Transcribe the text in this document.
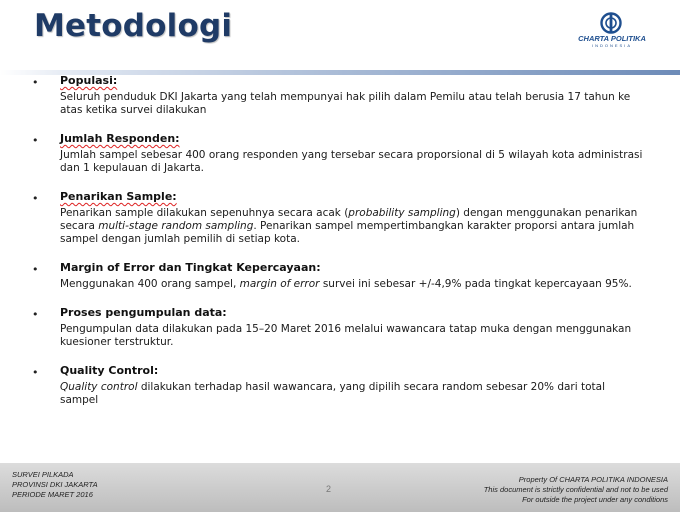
Metodologi	CHARTA POLITIKA
INDONESIA
• Populasi:
Seluruh penduduk DKI Jakarta yang telah mempunyai hak pilih dalam Pemilu atau telah berusia 17 tahun ke atas ketika survei dilakukan
• Jumlah Responden:
Jumlah sampel sebesar 400 orang responden yang tersebar secara proporsional di 5 wilayah kota administrasi dan 1 kepulauan di Jakarta.
• Penarikan Sample:
Penarikan sample dilakukan sepenuhnya secara acak (probability sampling) dengan menggunakan penarikan secara multi-stage random sampling. Penarikan sampel mempertimbangkan karakter proporsi antara jumlah sampel dengan jumlah pemilih di setiap kota.
• Margin of Error dan Tingkat Kepercayaan:
Menggunakan 400 orang sampel, margin of error survei ini sebesar +/-4,9% pada tingkat kepercayaan 95%.
• Proses pengumpulan data:
Pengumpulan data dilakukan pada 15–20 Maret 2016 melalui wawancara tatap muka dengan menggunakan kuesioner terstruktur.
• Quality Control:
Quality control dilakukan terhadap hasil wawancara, yang dipilih secara random sebesar 20% dari total sampel
SURVEI PILKADA
PROVINSI DKI JAKARTA
PERIODE MARET 2016
2
Property Of CHARTA POLITIKA INDONESIA
This document is strictly confidential and not to be used
For outside the project under any conditions
